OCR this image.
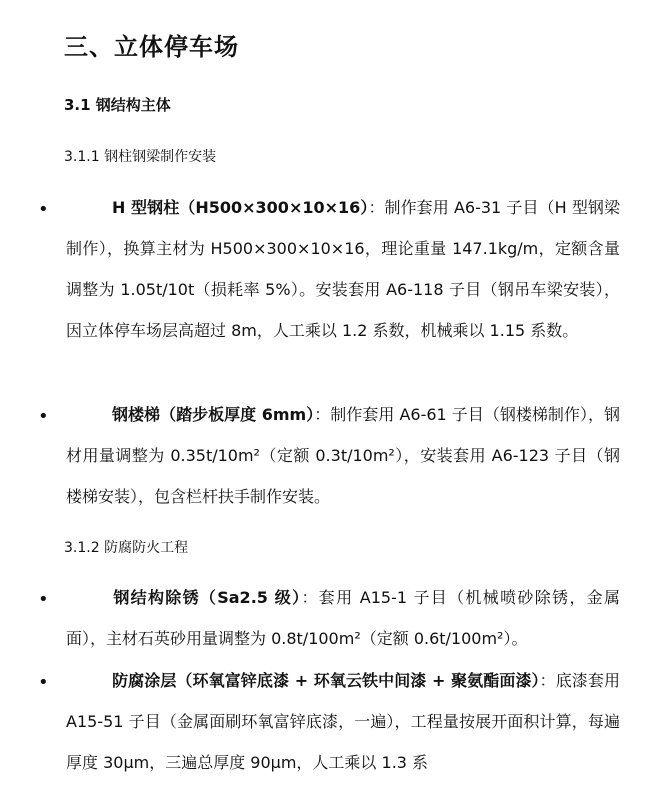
三、立体停车场
3.1 钢结构主体
3.1.1 钢柱钢梁制作安装
•	H 型钢柱（H500×300×10×16）：制作套用 A6-31 子目（H 型钢梁制作），换算主材为 H500×300×10×16，理论重量 147.1kg/m，定额含量调整为 1.05t/10t（损耗率 5%）。安装套用 A6-118 子目（钢吊车梁安装），因立体停车场层高超过 8m，人工乘以 1.2 系数，机械乘以 1.15 系数。

•	钢楼梯（踏步板厚度 6mm）：制作套用 A6-61 子目（钢楼梯制作），钢材用量调整为 0.35t/10m²（定额 0.3t/10m²），安装套用 A6-123 子目（钢楼梯安装），包含栏杆扶手制作安装。

3.1.2 防腐防火工程
•	钢结构除锈（Sa2.5 级）：套用 A15-1 子目（机械喷砂除锈，金属面），主材石英砂用量调整为 0.8t/100m²（定额 0.6t/100m²）。

•	防腐涂层（环氧富锌底漆 + 环氧云铁中间漆 + 聚氨酯面漆）：底漆套用 A15-51 子目（金属面刷环氧富锌底漆，一遍），工程量按展开面积计算，每遍厚度 30μm，三遍总厚度 90μm，人工乘以 1.3 系
